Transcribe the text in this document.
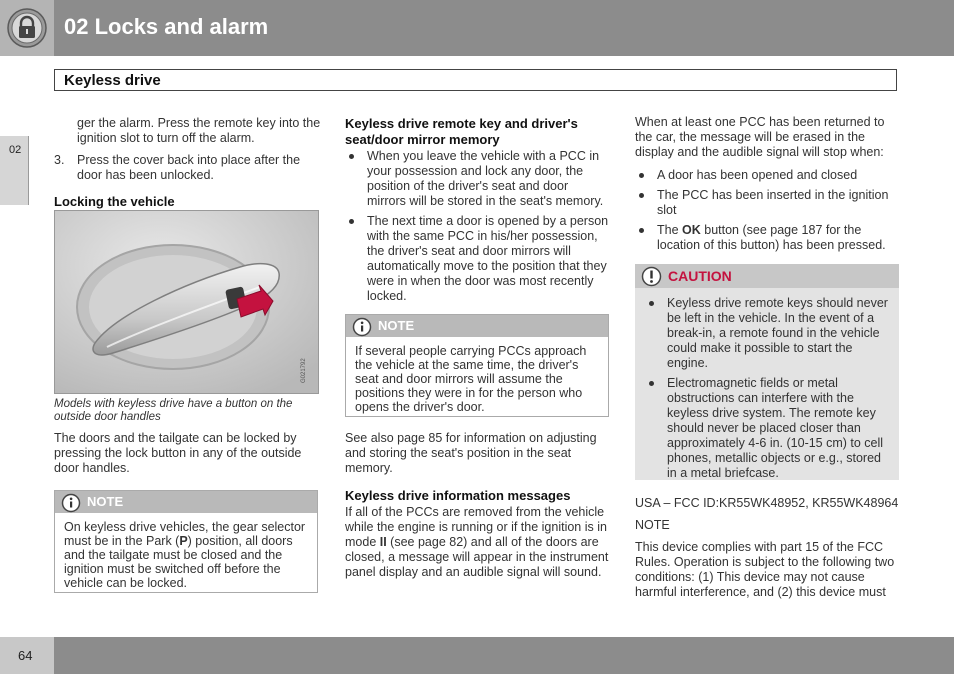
02 Locks and alarm
Keyless drive
02
ger the alarm. Press the remote key into the ignition slot to turn off the alarm.
3. Press the cover back into place after the door has been unlocked.
Locking the vehicle
G021792
Models with keyless drive have a button on the outside door handles
The doors and the tailgate can be locked by pressing the lock button in any of the outside door handles.
NOTE
On keyless drive vehicles, the gear selector must be in the Park (P) position, all doors and the tailgate must be closed and the ignition must be switched off before the vehicle can be locked.
Keyless drive remote key and driver's seat/door mirror memory
When you leave the vehicle with a PCC in your possession and lock any door, the position of the driver's seat and door mirrors will be stored in the seat's memory.
The next time a door is opened by a person with the same PCC in his/her possession, the driver's seat and door mirrors will automatically move to the position that they were in when the door was most recently locked.
NOTE
If several people carrying PCCs approach the vehicle at the same time, the driver's seat and door mirrors will assume the positions they were in for the person who opens the driver's door.
See also page 85 for information on adjusting and storing the seat's position in the seat memory.
Keyless drive information messages
If all of the PCCs are removed from the vehicle while the engine is running or if the ignition is in mode II (see page 82) and all of the doors are closed, a message will appear in the instrument panel display and an audible signal will sound.
When at least one PCC has been returned to the car, the message will be erased in the display and the audible signal will stop when:
A door has been opened and closed
The PCC has been inserted in the ignition slot
The OK button (see page 187 for the location of this button) has been pressed.
CAUTION
Keyless drive remote keys should never be left in the vehicle. In the event of a break-in, a remote found in the vehicle could make it possible to start the engine.
Electromagnetic fields or metal obstructions can interfere with the keyless drive system. The remote key should never be placed closer than approximately 4-6 in. (10-15 cm) to cell phones, metallic objects or e.g., stored in a metal briefcase.
USA – FCC ID:KR55WK48952, KR55WK48964
NOTE
This device complies with part 15 of the FCC Rules. Operation is subject to the following two conditions: (1) This device may not cause harmful interference, and (2) this device must
64
